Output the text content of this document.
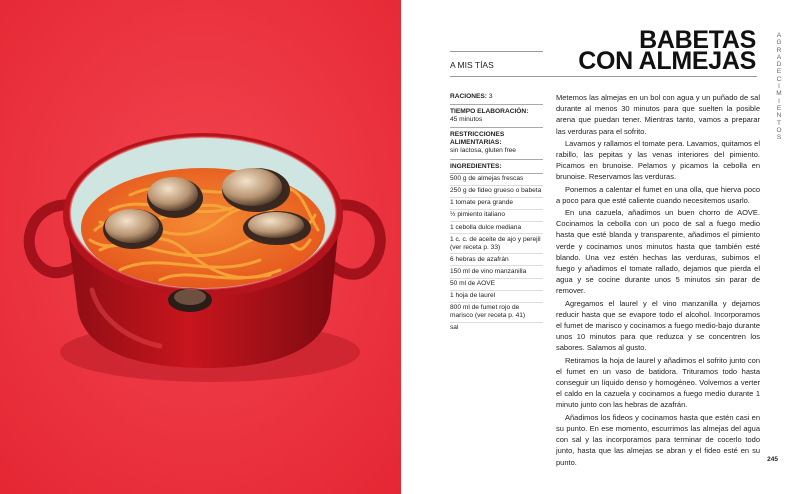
BABETAS
CON ALMEJAS
A
G
R
A
D
E
C
I
M
I
E
N
T
O
S
A MIS TÍAS
RACIONES: 3
TIEMPO ELABORACIÓN:
45 minutos
RESTRICCIONES ALIMENTARIAS:
sin lactosa, gluten free
INGREDIENTES:
500 g de almejas frescas
250 g de fideo grueso o babeta
1 tomate pera grande
½ pimiento italiano
1 cebolla dulce mediana
1 c. c. de aceite de ajo y perejil (ver receta p. 33)
6 hebras de azafrán
150 ml de vino manzanilla
50 ml de AOVE
1 hoja de laurel
800 ml de fumet rojo de marisco (ver receta p. 41)
sal

Metemos las almejas en un bol con agua y un puñado de sal durante al menos 30 minutos para que suelten la posible arena que puedan tener. Mientras tanto, vamos a preparar las verduras para el sofrito.

Lavamos y rallamos el tomate pera. Lavamos, quitamos el rabillo, las pepitas y las venas interiores del pimiento. Picamos en brunoise. Pelamos y picamos la cebolla en brunoise. Reservamos las verduras.

Ponemos a calentar el fumet en una olla, que hierva poco a poco para que esté caliente cuando necesitemos usarlo.

En una cazuela, añadimos un buen chorro de AOVE. Cocinamos la cebolla con un poco de sal a fuego medio hasta que esté blanda y transparente, añadimos el pimiento verde y cocinamos unos minutos hasta que también esté blando. Una vez estén hechas las verduras, subimos el fuego y añadimos el tomate rallado, dejamos que pierda el agua y se cocine durante unos 5 minutos sin parar de remover.

Agregamos el laurel y el vino manzanilla y dejamos reducir hasta que se evapore todo el alcohol. Incorporamos el fumet de marisco y cocinamos a fuego medio-bajo durante unos 10 minutos para que reduzca y se concentren los sabores. Salamos al gusto.

Retiramos la hoja de laurel y añadimos el sofrito junto con el fumet en un vaso de batidora. Trituramos todo hasta conseguir un líquido denso y homogéneo. Volvemos a verter el caldo en la cazuela y cocinamos a fuego medio durante 1 minuto junto con las hebras de azafrán.

Añadimos los fideos y cocinamos hasta que estén casi en su punto. En ese momento, escurrimos las almejas del agua con sal y las incorporamos para terminar de cocerlo todo junto, hasta que las almejas se abran y el fideo esté en su punto.	245
